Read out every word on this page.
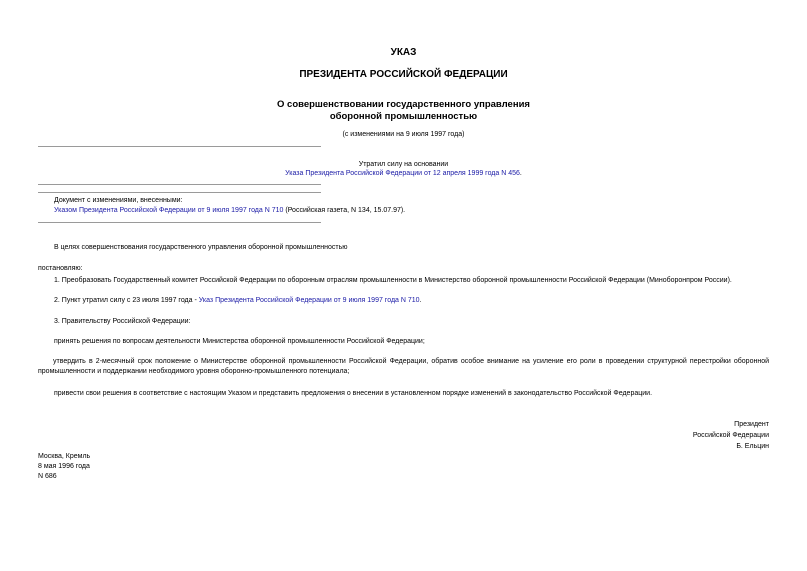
УКАЗ
ПРЕЗИДЕНТА РОССИЙСКОЙ ФЕДЕРАЦИИ
О совершенствовании государственного управления
оборонной промышленностью
(с изменениями на 9 июля 1997 года)
Утратил силу на основании
Указа Президента Российской Федерации от 12 апреля 1999 года N 456.
Документ с изменениями, внесенными:
Указом Президента Российской Федерации от 9 июля 1997 года N 710 (Российская газета, N 134, 15.07.97).
В целях совершенствования государственного управления оборонной промышленностью
постановляю:
1. Преобразовать Государственный комитет Российской Федерации по оборонным отраслям промышленности в Министерство оборонной промышленности Российской Федерации (Минобоpонпpом России).
2. Пункт утратил силу с 23 июля 1997 года - Указ Президента Российской Федерации от 9 июля 1997 года N 710.
3. Правительству Российской Федерации:
принять решения по вопросам деятельности Министерства оборонной промышленности Российской Федерации;
утвердить в 2-месячный срок положение о Министерстве оборонной промышленности Российской Федерации, обратив особое внимание на усиление его роли в проведении структурной перестройки оборонной промышленности и поддержании необходимого уровня оборонно-промышленного потенциала;
привести свои решения в соответствие с настоящим Указом и представить предложения о внесении в установленном порядке изменений в законодательство Российской Федерации.
Президент
Российской Федерации
Б. Ельцин
Москва, Кремль
8 мая 1996 года
N 686
